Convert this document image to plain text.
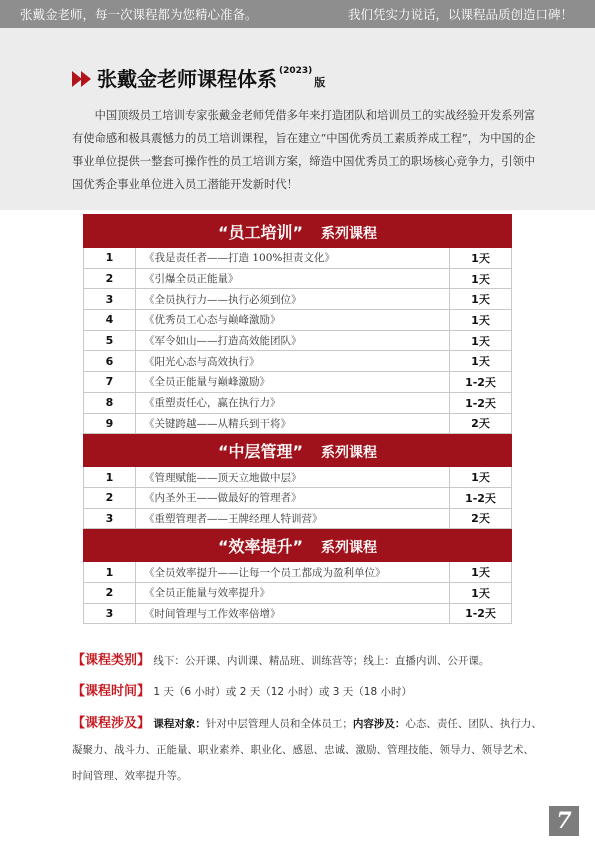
张戴金老师，每一次课程都为您精心准备。	我们凭实力说话，以课程品质创造口碑！
张戴金老师课程体系 (2023)
版

中国顶级员工培训专家张戴金老师凭借多年来打造团队和培训员工的实战经验开发系列富有使命感和极具震憾力的员工培训课程，旨在建立“中国优秀员工素质养成工程”，为中国的企事业单位提供一整套可操作性的员工培训方案，缔造中国优秀员工的职场核心竞争力，引领中国优秀企事业单位进入员工潜能开发新时代！

“员工培训” 系列课程		
1	《我是责任者——打造 100%担责文化》	1天
2	《引爆全员正能量》	1天
3	《全员执行力——执行必须到位》	1天
4	《优秀员工心态与巅峰激励》	1天
5	《军令如山——打造高效能团队》	1天
6	《阳光心态与高效执行》	1天
7	《全员正能量与巅峰激励》	1-2天
8	《重塑责任心，赢在执行力》	1-2天
9	《关键跨越——从精兵到干将》	2天
“中层管理” 系列课程		
1	《管理赋能——顶天立地做中层》	1天
2	《内圣外王——做最好的管理者》	1-2天
3	《重塑管理者——王牌经理人特训营》	2天
“效率提升” 系列课程		
1	《全员效率提升——让每一个员工都成为盈利单位》	1天
2	《全员正能量与效率提升》	1天
3	《时间管理与工作效率倍增》	1-2天
【课程类别】 线下：公开课、内训课、精品班、训练营等；线上：直播内训、公开课。
【课程时间】 1 天（6 小时）或 2 天（12 小时）或 3 天（18 小时）
【课程涉及】 课程对象：针对中层管理人员和全体员工；内容涉及：心态、责任、团队、执行力、凝聚力、战斗力、正能量、职业素养、职业化、感恩、忠诚、激励、管理技能、领导力、领导艺术、时间管理、效率提升等。
7
